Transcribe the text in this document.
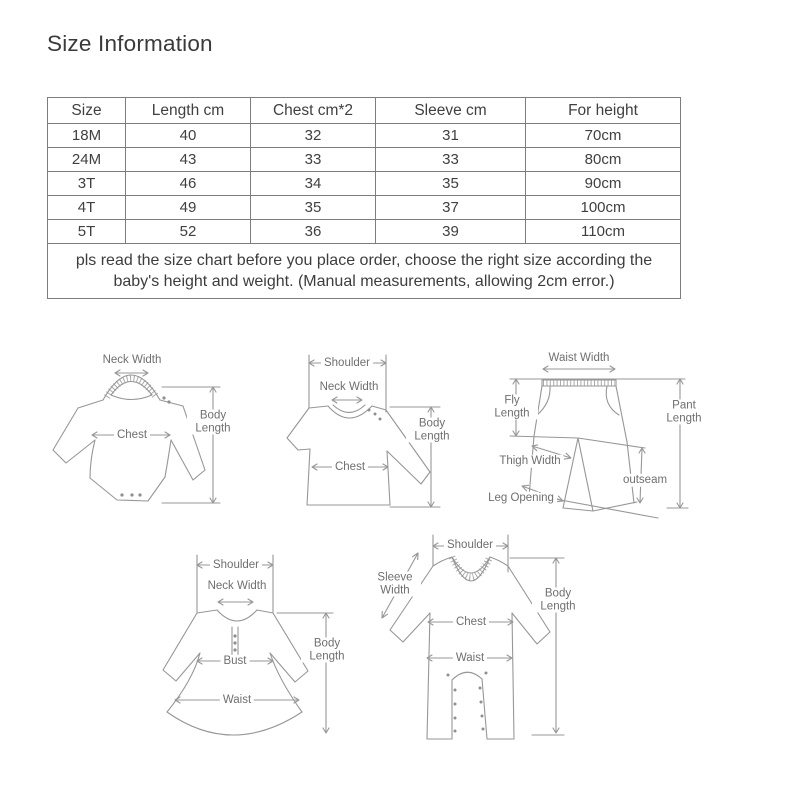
Size Information
Size	Length cm	Chest cm*2	Sleeve cm	For height
18M	40	32	31	70cm
24M	43	33	33	80cm
3T	46	34	35	90cm
4T	49	35	37	100cm
5T	52	36	39	110cm
pls read the size chart before you place order, choose the right size according the baby's height and weight. (Manual measurements, allowing 2cm error.)				
Neck Width
Chest
Body Length
Shoulder
Neck Width
Chest
Body Length
Waist Width
Fly Length
Pant Length
Thigh Width
outseam
Leg Opening
Shoulder
Neck Width
Bust
Waist
Body Length
Shoulder
Sleeve Width
Chest
Waist
Body Length
